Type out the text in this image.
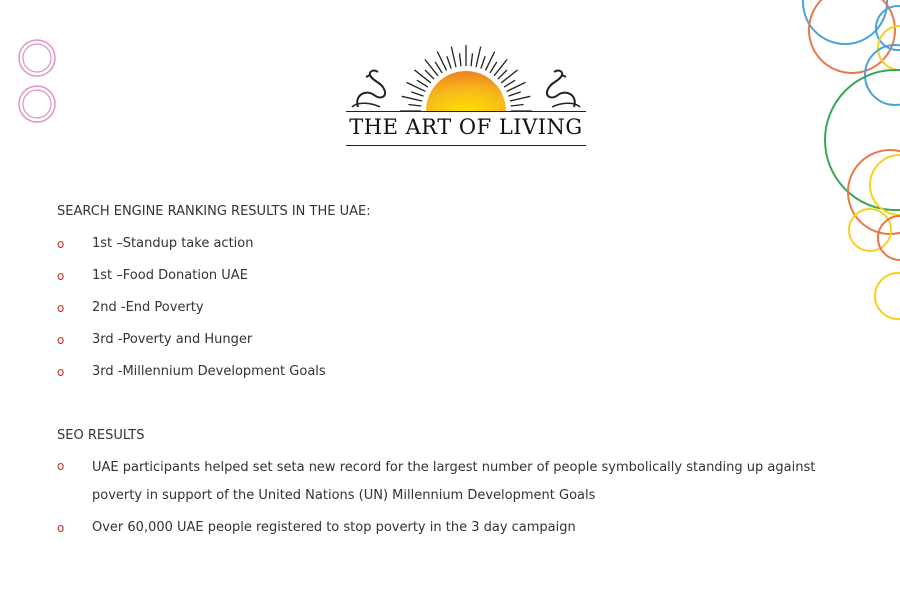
THE ART OF LIVING
SEARCH ENGINE RANKING RESULTS IN THE UAE:
o 1st –Standup take action
o 1st –Food Donation UAE
o 2nd -End Poverty
o 3rd -Poverty and Hunger
o 3rd -Millennium Development Goals
SEO RESULTS
o UAE participants helped set seta new record for the largest number of people symbolically standing up against poverty in support of the United Nations (UN) Millennium Development Goals
o Over 60,000 UAE people registered to stop poverty in the 3 day campaign
